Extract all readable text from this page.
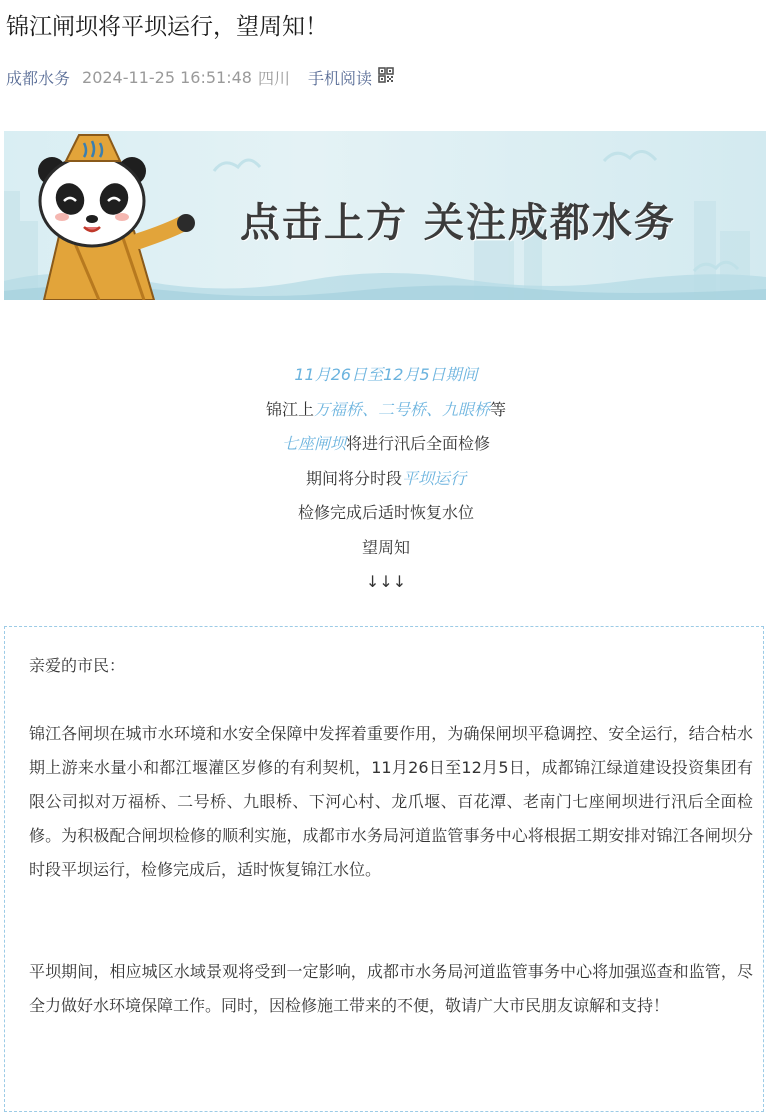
锦江闸坝将平坝运行，望周知！
成都水务 2024-11-25 16:51:48 四川 手机阅读
点击上方 关注成都水务
11月26日至12月5日期间
锦江上万福桥、二号桥、九眼桥等
七座闸坝将进行汛后全面检修
期间将分时段平坝运行
检修完成后适时恢复水位
望周知
↓↓↓

亲爱的市民：

锦江各闸坝在城市水环境和水安全保障中发挥着重要作用，为确保闸坝平稳调控、安全运行，结合枯水期上游来水量小和都江堰灌区岁修的有利契机，11月26日至12月5日，成都锦江绿道建设投资集团有限公司拟对万福桥、二号桥、九眼桥、下河心村、龙爪堰、百花潭、老南门七座闸坝进行汛后全面检修。为积极配合闸坝检修的顺利实施，成都市水务局河道监管事务中心将根据工期安排对锦江各闸坝分时段平坝运行，检修完成后，适时恢复锦江水位。

平坝期间，相应城区水域景观将受到一定影响，成都市水务局河道监管事务中心将加强巡查和监管，尽全力做好水环境保障工作。同时，因检修施工带来的不便，敬请广大市民朋友谅解和支持！
